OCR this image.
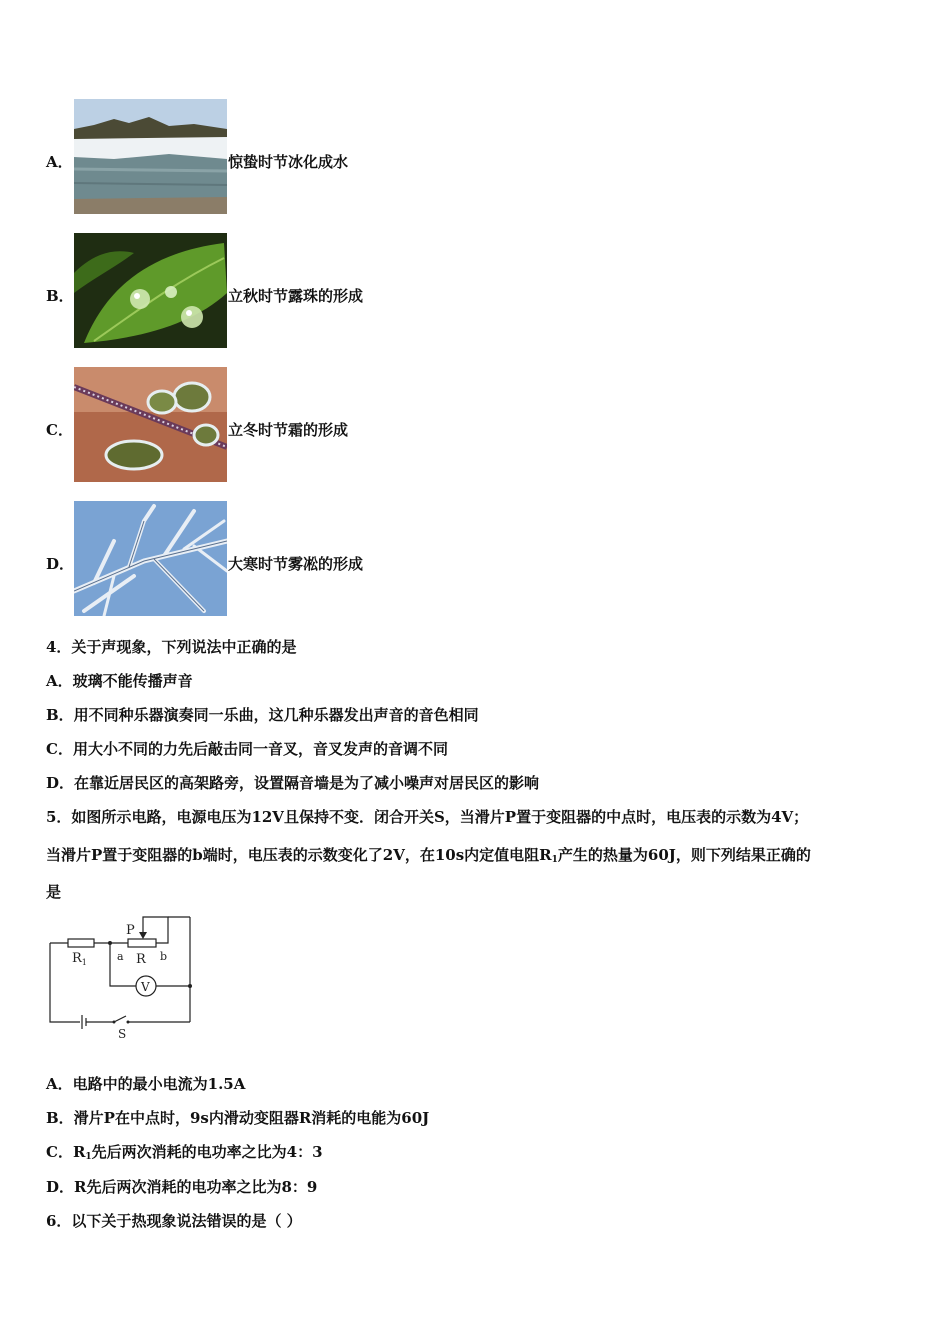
A．	惊蛰时节冰化成水
B．	立秋时节露珠的形成
C．	立冬时节霜的形成
D．	大寒时节雾凇的形成
4．关于声现象，下列说法中正确的是
A．玻璃不能传播声音
B．用不同种乐器演奏同一乐曲，这几种乐器发出声音的音色相同
C．用大小不同的力先后敲击同一音叉，音叉发声的音调不同
D．在靠近居民区的高架路旁，设置隔音墙是为了减小噪声对居民区的影响
5．如图所示电路，电源电压为12V且保持不变．闭合开关S，当滑片P置于变阻器的中点时，电压表的示数为4V；
当滑片P置于变阻器的b端时，电压表的示数变化了2V，在10s内定值电阻$R_1$产生的热量为60J，则下列结果正确的
是
$R_1$
P
R
a	b
V
S
A．电路中的最小电流为1.5A
B．滑片P在中点时，9s内滑动变阻器R消耗的电能为60J
C．$R_1$先后两次消耗的电功率之比为4：3
D．R先后两次消耗的电功率之比为8：9
6．以下关于热现象说法错误的是（ ）
